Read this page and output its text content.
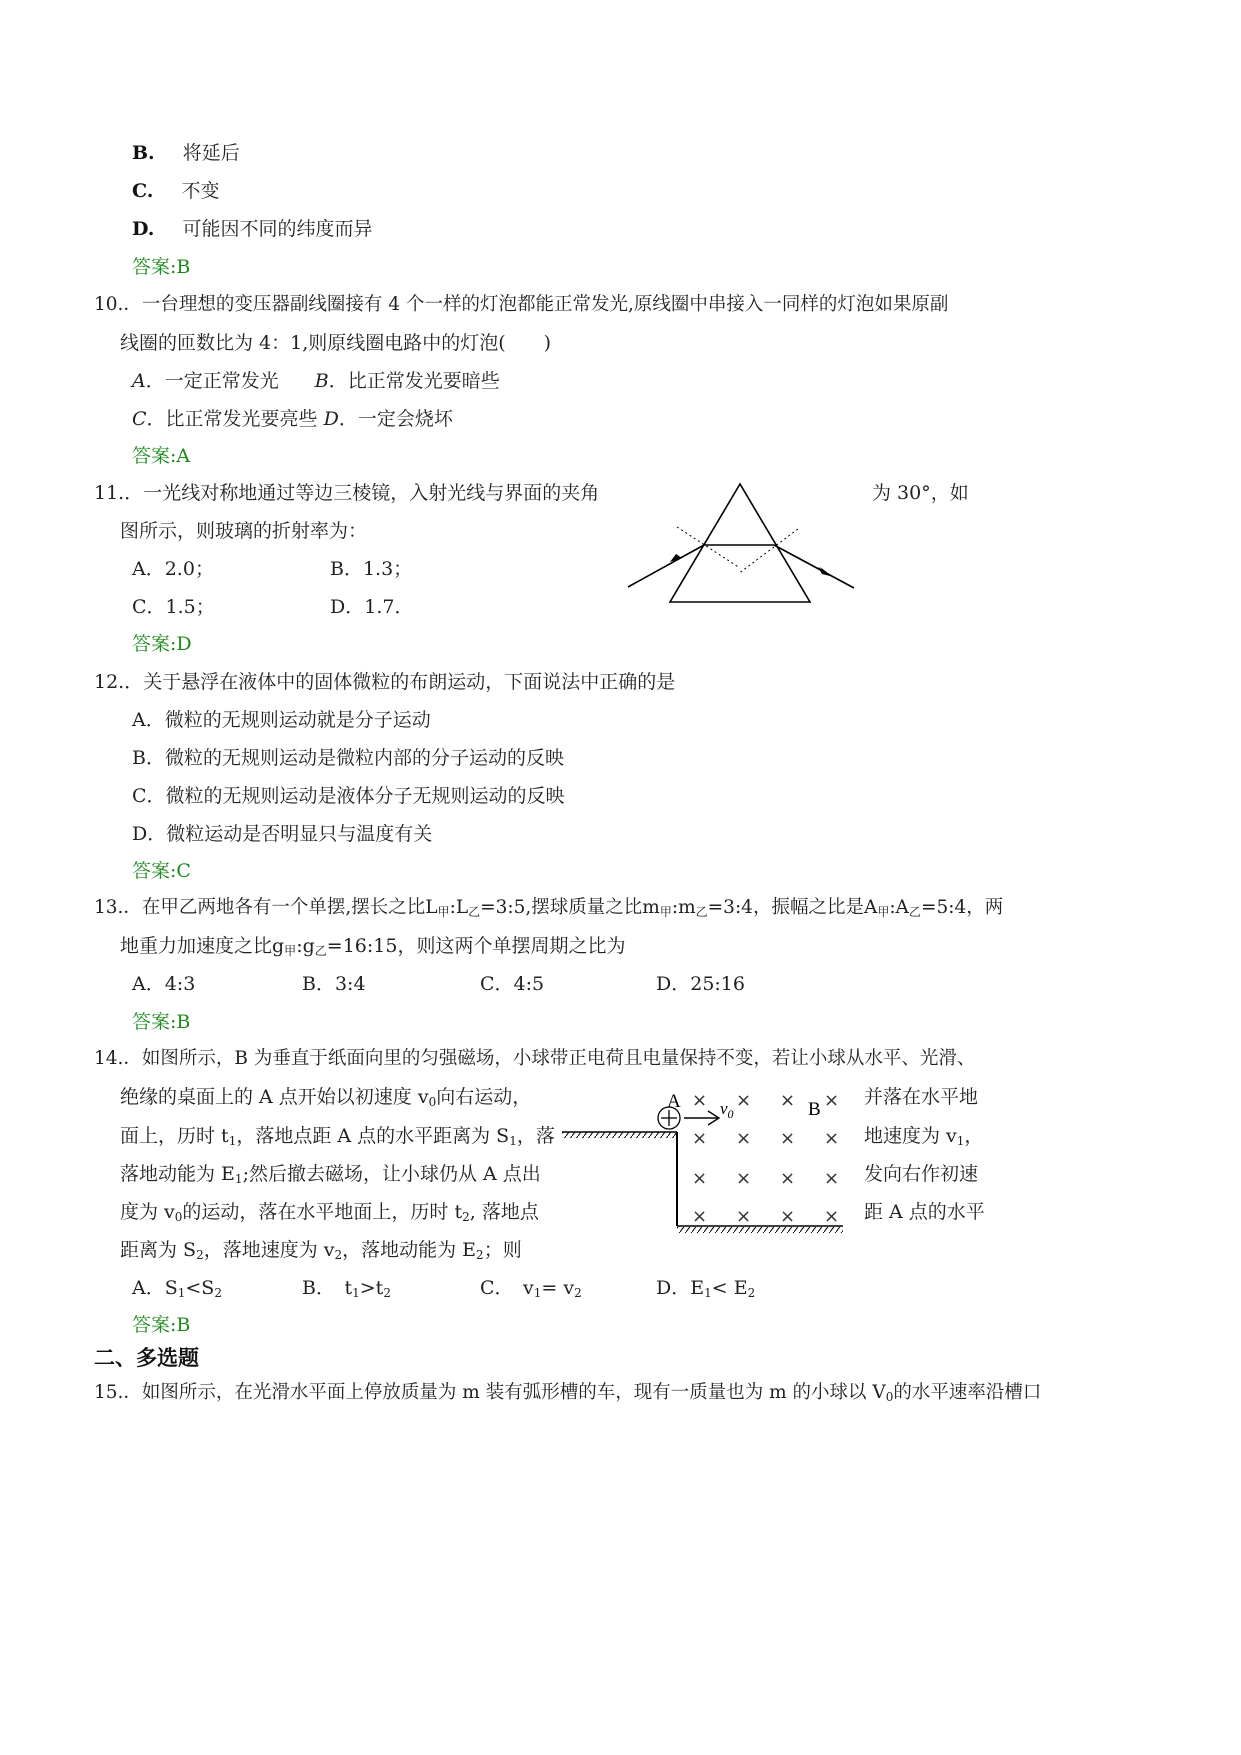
B. 将延后
C. 不变
D. 可能因不同的纬度而异
答案:B
10.．一台理想的变压器副线圈接有 4 个一样的灯泡都能正常发光,原线圈中串接入一同样的灯泡如果原副
线圈的匝数比为 4：1,则原线圈电路中的灯泡(　　)
A．一定正常发光 B．比正常发光要暗些
C．比正常发光要亮些 D．一定会烧坏
答案:A
11.．一光线对称地通过等边三棱镜，入射光线与界面的夹角	为 30°，如
图所示，则玻璃的折射率为：
A．2.0；	B．1.3；
C．1.5；	D．1.7．
答案:D
12.．关于悬浮在液体中的固体微粒的布朗运动，下面说法中正确的是
A．微粒的无规则运动就是分子运动
B．微粒的无规则运动是微粒内部的分子运动的反映
C．微粒的无规则运动是液体分子无规则运动的反映
D．微粒运动是否明显只与温度有关
答案:C
13.．在甲乙两地各有一个单摆,摆长之比$L_甲:L_乙=3:5$,摆球质量之比$m_甲:m_乙=3:4$，振幅之比是$A_甲:A_乙=5:4$，两
地重力加速度之比$g_甲:g_乙=16:15$，则这两个单摆周期之比为
A．4:3	B．3:4	C．4:5	D．25:16
答案:B
14.．如图所示，B 为垂直于纸面向里的匀强磁场，小球带正电荷且电量保持不变，若让小球从水平、光滑、
绝缘的桌面上的 A 点开始以初速度 $v_0$向右运动，	并落在水平地
面上，历时 $t_1$，落地点距 A 点的水平距离为 $S_1$，落	地速度为 $v_1$，
落地动能为 $E_1$;然后撤去磁场，让小球仍从 A 点出	发向右作初速
度为 $v_0$的运动，落在水平地面上，历时 $t_2$, 落地点	距 A 点的水平
距离为 $S_2$，落地速度为 $v_2$，落地动能为 $E_2$；则
× × × ×
× × × ×
× × × ×
× × × ×
A	B
$v_0$
A．$S_1<S_2$	B．　$t_1>t_2$	C．　$v_1= v_2$	D．$E_1< E_2$
答案:B
二、多选题
15.．如图所示，在光滑水平面上停放质量为 m 装有弧形槽的车，现有一质量也为 m 的小球以 $V_0$的水平速率沿槽口
